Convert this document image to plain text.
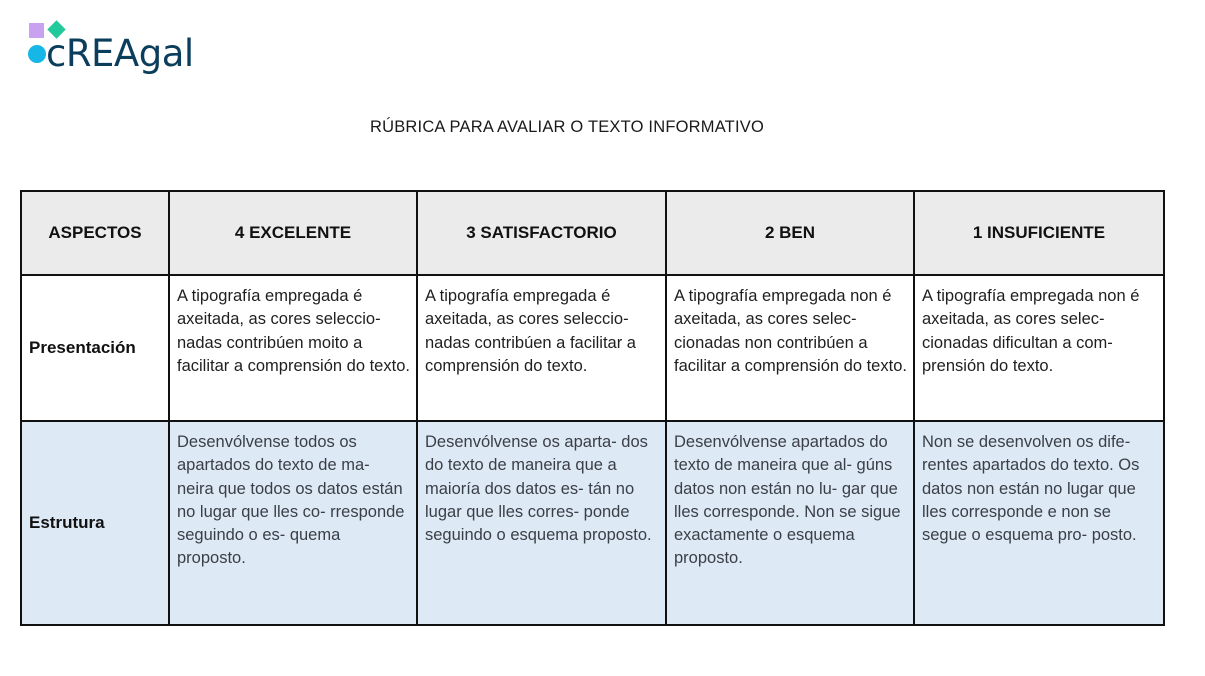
cREAgal
RÚBRICA PARA AVALIAR O TEXTO INFORMATIVO
ASPECTOS	4 EXCELENTE	3 SATISFACTORIO	2 BEN	1 INSUFICIENTE
Presentación	A tipografía empregada é axeitada, as cores seleccio- nadas contribúen moito a facilitar a comprensión do texto.	A tipografía empregada é axeitada, as cores seleccio- nadas contribúen a facilitar a comprensión do texto.	A tipografía empregada non é axeitada, as cores selec- cionadas non contribúen a facilitar a comprensión do texto.	A tipografía empregada non é axeitada, as cores selec- cionadas dificultan a com- prensión do texto.
Estrutura	Desenvólvense todos os apartados do texto de ma- neira que todos os datos están no lugar que lles co- rresponde seguindo o es- quema proposto.	Desenvólvense os aparta- dos do texto de maneira que a maioría dos datos es- tán no lugar que lles corres- ponde seguindo o esquema proposto.	Desenvólvense apartados do texto de maneira que al- gúns datos non están no lu- gar que lles corresponde. Non se sigue exactamente o esquema proposto.	Non se desenvolven os dife- rentes apartados do texto. Os datos non están no lugar que lles corresponde e non se segue o esquema pro- posto.
